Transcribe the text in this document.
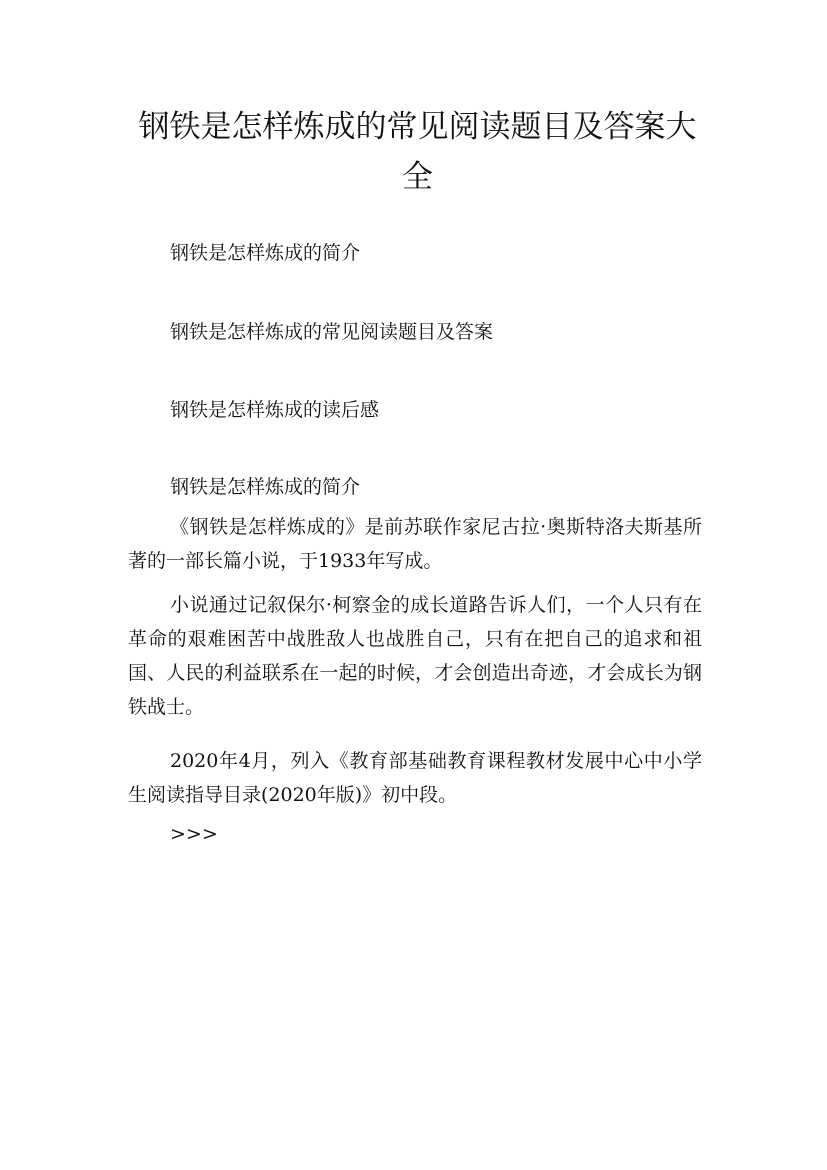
钢铁是怎样炼成的常见阅读题目及答案大全

钢铁是怎样炼成的简介

钢铁是怎样炼成的常见阅读题目及答案

钢铁是怎样炼成的读后感

钢铁是怎样炼成的简介

《钢铁是怎样炼成的》是前苏联作家尼古拉·奥斯特洛夫斯基所著的一部长篇小说，于1933年写成。

小说通过记叙保尔·柯察金的成长道路告诉人们，一个人只有在革命的艰难困苦中战胜敌人也战胜自己，只有在把自己的追求和祖国、人民的利益联系在一起的时候，才会创造出奇迹，才会成长为钢铁战士。

2020年4月，列入《教育部基础教育课程教材发展中心中小学生阅读指导目录(2020年版)》初中段。

>>>
